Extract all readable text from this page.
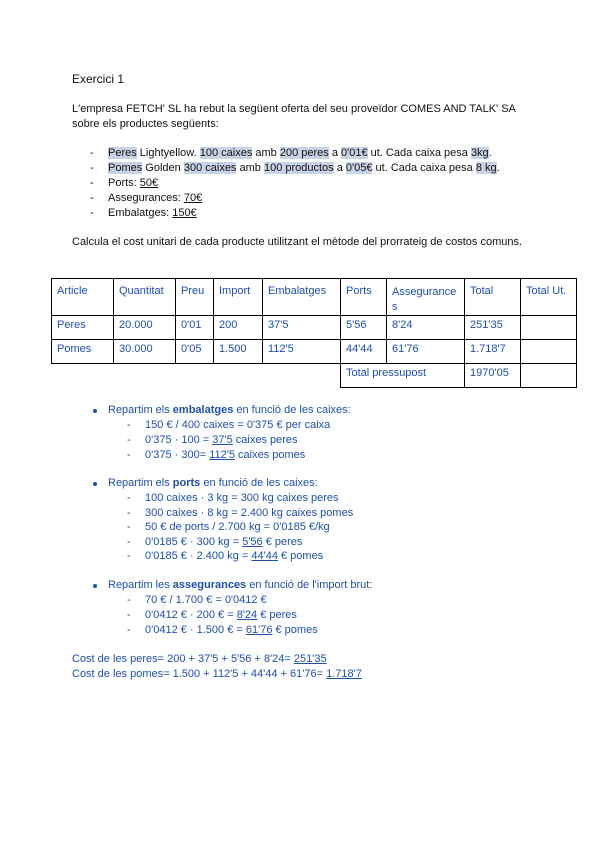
Exercici 1
L'empresa FETCH' SL ha rebut la següent oferta del seu proveïdor COMES AND TALK' SA
sobre els productes següents:
- Peres Lightyellow. 100 caixes amb 200 peres a 0'01€ ut. Cada caixa pesa 3kg.
- Pomes Golden 300 caixes amb 100 productos a 0'05€ ut. Cada caixa pesa 8 kg.
- Ports: 50€
- Assegurances: 70€
- Embalatges: 150€
Calcula el cost unitari de cada producte utilitzant el mètode del prorrateig de costos comuns.
Article	Quantitat	Preu	Import	Embalatges	Ports	Assegurance s	Total	Total Ut.
Peres	20.000	0'01	200	37'5	5'56	8'24	251'35	
Pomes	30.000	0'05	1.500	112'5	44'44	61'76	1.718'7	
					Total pressupost		1970'05	
Repartim els embalatges en funció de les caixes:
- 150 € / 400 caixes = 0'375 € per caixa
- 0'375 · 100 = 37'5 caixes peres
- 0'375 · 300= 112'5 caixes pomes
Repartim els ports en funció de les caixes:
- 100 caixes · 3 kg = 300 kg caixes peres
- 300 caixes · 8 kg = 2.400 kg caixes pomes
- 50 € de ports / 2.700 kg = 0'0185 €/kg
- 0'0185 € · 300 kg = 5'56 € peres
- 0'0185 € · 2.400 kg = 44'44 € pomes
Repartim les assegurances en funció de l'import brut:
- 70 € / 1.700 € = 0'0412 €
- 0'0412 € · 200 € = 8'24 € peres
- 0'0412 € · 1.500 € = 61'76 € pomes
Cost de les peres= 200 + 37'5 + 5'56 + 8'24= 251'35
Cost de les pomes= 1.500 + 112'5 + 44'44 + 61'76= 1.718'7
